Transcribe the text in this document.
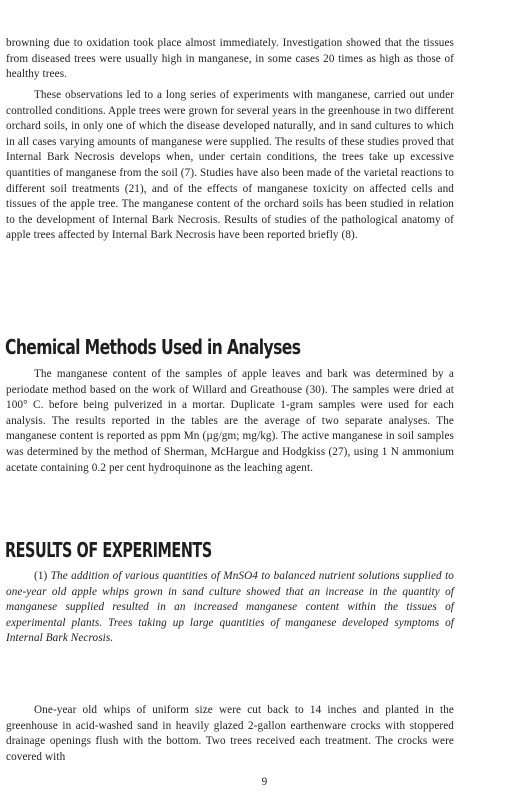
browning due to oxidation took place almost immediately. Investigation showed that the tissues from diseased trees were usually high in manganese, in some cases 20 times as high as those of healthy trees.

These observations led to a long series of experiments with manganese, carried out under controlled conditions. Apple trees were grown for several years in the greenhouse in two different orchard soils, in only one of which the disease developed naturally, and in sand cultures to which in all cases varying amounts of manganese were supplied. The results of these studies proved that Internal Bark Necrosis develops when, under certain conditions, the trees take up excessive quantities of manganese from the soil (7). Studies have also been made of the varietal reactions to different soil treatments (21), and of the effects of manganese toxicity on affected cells and tissues of the apple tree. The manganese content of the orchard soils has been studied in relation to the development of Internal Bark Necrosis. Results of studies of the pathological anatomy of apple trees affected by Internal Bark Necrosis have been reported briefly (8).

Chemical Methods Used in Analyses

The manganese content of the samples of apple leaves and bark was determined by a periodate method based on the work of Willard and Greathouse (30). The samples were dried at 100° C. before being pulverized in a mortar. Duplicate 1-gram samples were used for each analysis. The results reported in the tables are the average of two separate analyses. The manganese content is reported as ppm Mn (µg/gm; mg/kg). The active manganese in soil samples was determined by the method of Sherman, McHargue and Hodgkiss (27), using 1 N ammonium acetate containing 0.2 per cent hydroquinone as the leaching agent.

RESULTS OF EXPERIMENTS

(1) The addition of various quantities of MnSO4 to balanced nutrient solutions supplied to one-year old apple whips grown in sand culture showed that an increase in the quantity of manganese supplied resulted in an increased manganese content within the tissues of experimental plants. Trees taking up large quantities of manganese developed symptoms of Internal Bark Necrosis.

One-year old whips of uniform size were cut back to 14 inches and planted in the greenhouse in acid-washed sand in heavily glazed 2-gallon earthenware crocks with stoppered drainage openings flush with the bottom. Two trees received each treatment. The crocks were covered with

9
